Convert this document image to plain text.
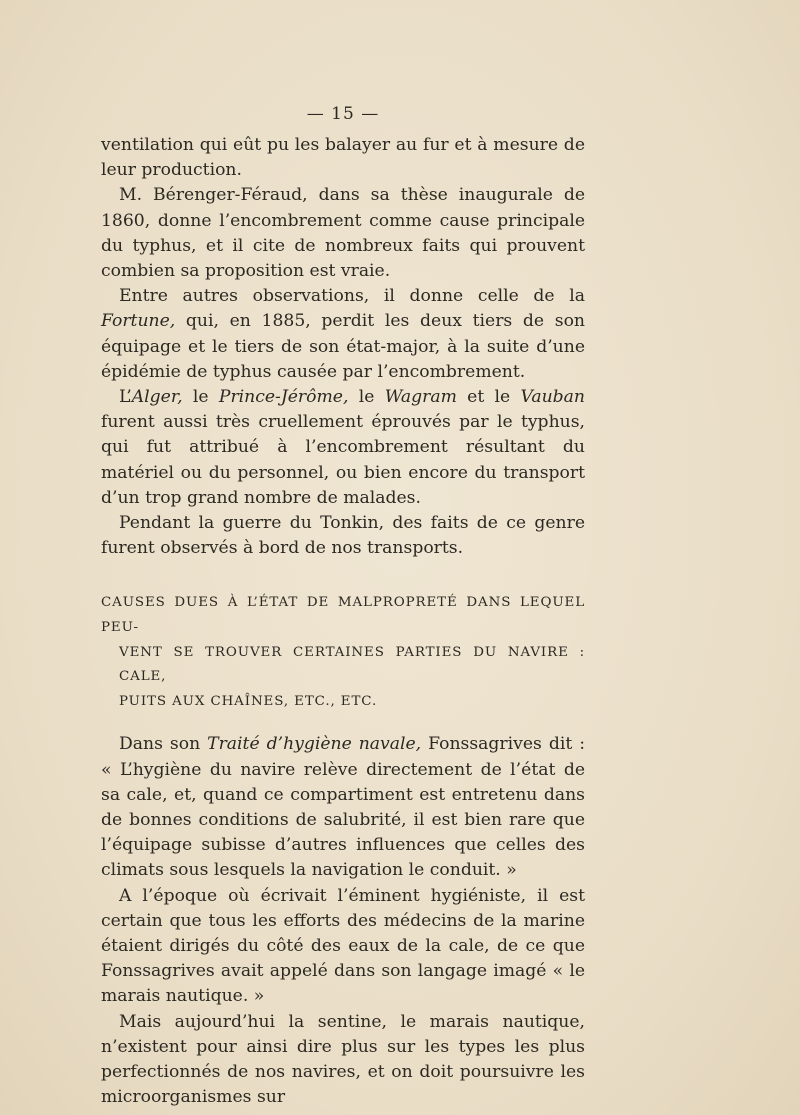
— 15 —

ventilation qui eût pu les balayer au fur et à mesure de leur production.

M. Bérenger-Féraud, dans sa thèse inaugurale de 1860, donne l’encombrement comme cause principale du typhus, et il cite de nombreux faits qui prouvent combien sa proposition est vraie.

Entre autres observations, il donne celle de la Fortune, qui, en 1885, perdit les deux tiers de son équipage et le tiers de son état-major, à la suite d’une épidémie de typhus causée par l’encombrement.

L’Alger, le Prince-Jérôme, le Wagram et le Vauban furent aussi très cruellement éprouvés par le typhus, qui fut attribué à l’encombrement résultant du matériel ou du personnel, ou bien encore du transport d’un trop grand nombre de malades.

Pendant la guerre du Tonkin, des faits de ce genre furent observés à bord de nos transports.

CAUSES DUES À L’ÉTAT DE MALPROPRETÉ DANS LEQUEL PEU-
VENT SE TROUVER CERTAINES PARTIES DU NAVIRE : CALE,
PUITS AUX CHAÎNES, ETC., ETC.

Dans son Traité d’hygiène navale, Fonssagrives dit : « L’hygiène du navire relève directement de l’état de sa cale, et, quand ce compartiment est entretenu dans de bonnes conditions de salubrité, il est bien rare que l’équipage subisse d’autres influences que celles des climats sous lesquels la navigation le conduit. »

A l’époque où écrivait l’éminent hygiéniste, il est certain que tous les efforts des médecins de la marine étaient dirigés du côté des eaux de la cale, de ce que Fonssagrives avait appelé dans son langage imagé « le marais nautique. »

Mais aujourd’hui la sentine, le marais nautique, n’existent pour ainsi dire plus sur les types les plus perfectionnés de nos navires, et on doit poursuivre les microorganismes sur
